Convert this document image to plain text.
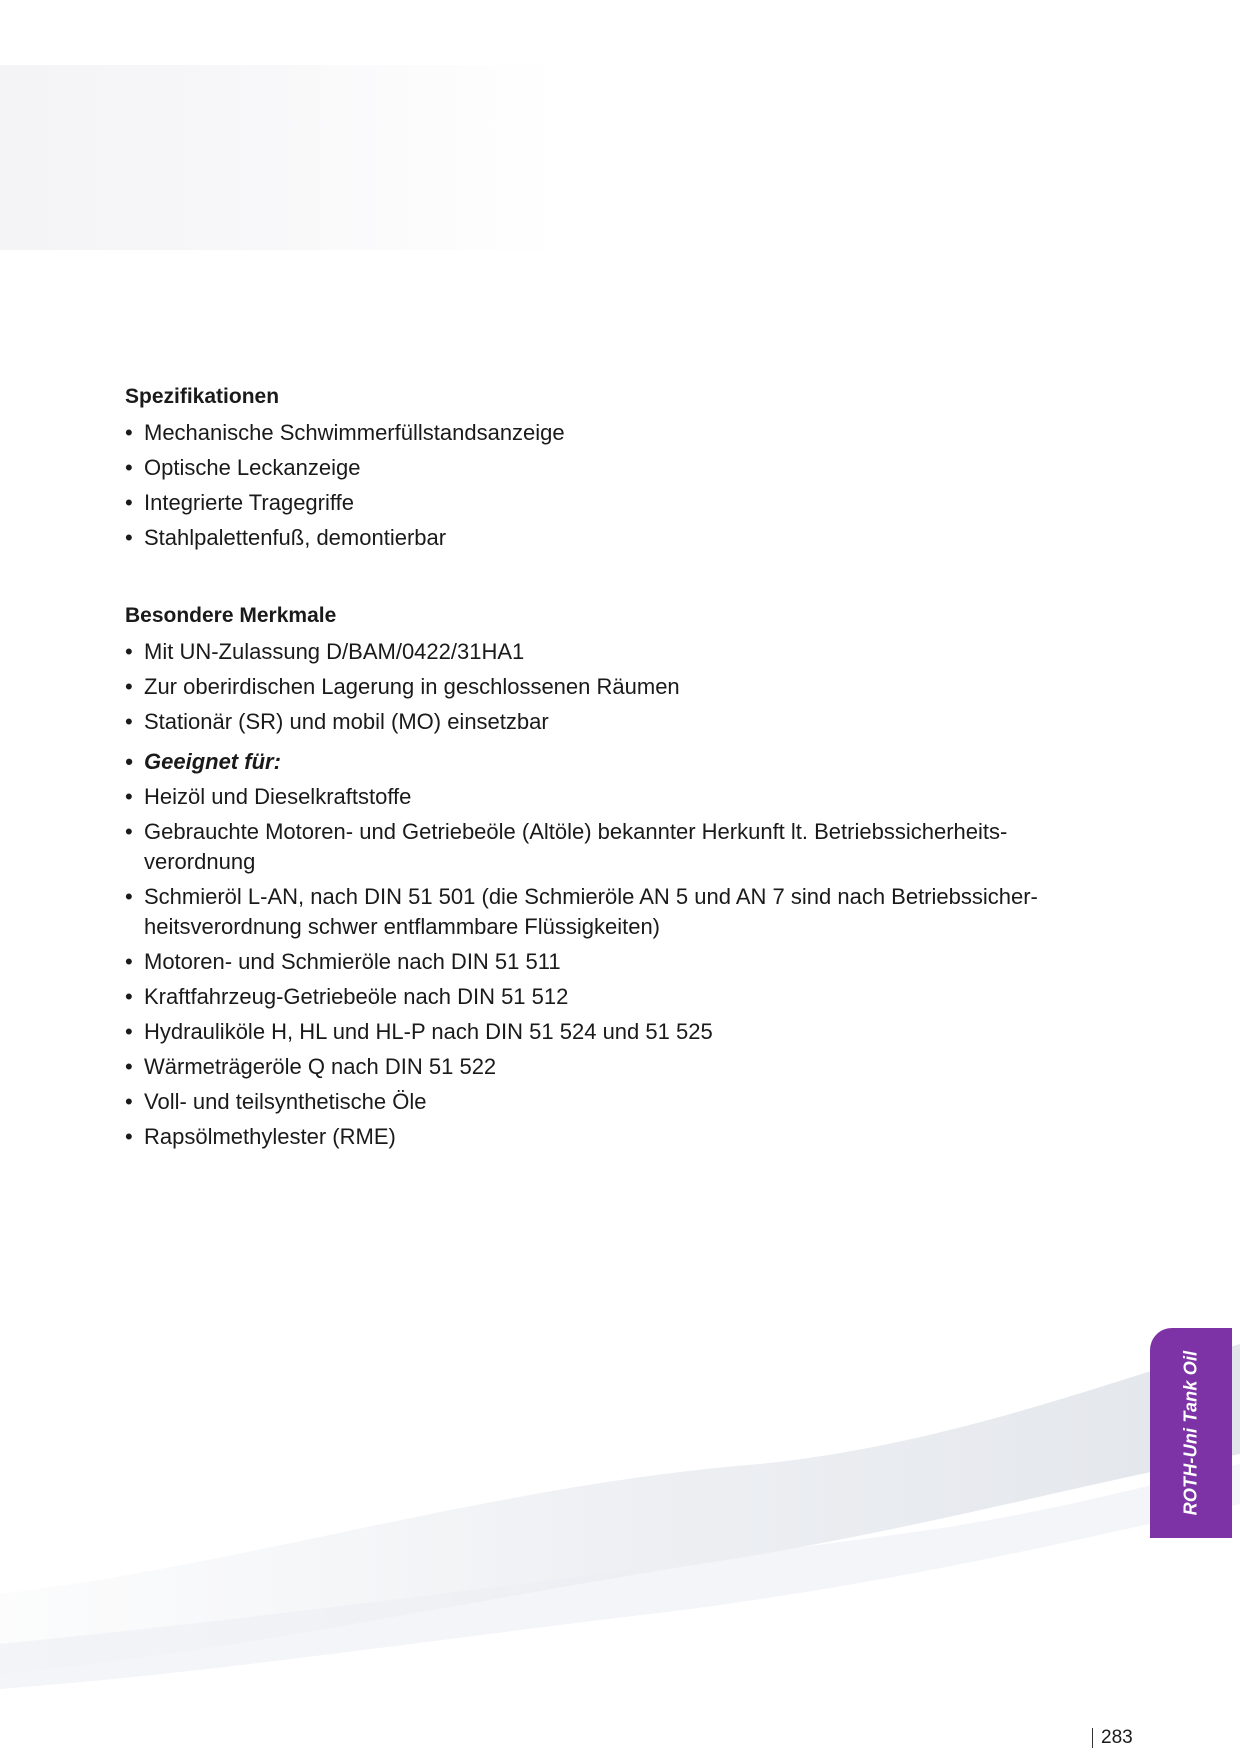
Spezifikationen
• Mechanische Schwimmerfüllstandsanzeige
• Optische Leckanzeige
• Integrierte Tragegriffe
• Stahlpalettenfuß, demontierbar
Besondere Merkmale
• Mit UN-Zulassung D/BAM/0422/31HA1
• Zur oberirdischen Lagerung in geschlossenen Räumen
• Stationär (SR) und mobil (MO) einsetzbar
• Geeignet für:
• Heizöl und Dieselkraftstoffe
• Gebrauchte Motoren- und Getriebeöle (Altöle) bekannter Herkunft lt. Betriebssicherheits-verordnung
• Schmieröl L-AN, nach DIN 51 501 (die Schmieröle AN 5 und AN 7 sind nach Betriebssicher-heitsverordnung schwer entflammbare Flüssigkeiten)
• Motoren- und Schmieröle nach DIN 51 511
• Kraftfahrzeug-Getriebeöle nach DIN 51 512
• Hydrauliköle H, HL und HL-P nach DIN 51 524 und 51 525
• Wärmeträgeröle Q nach DIN 51 522
• Voll- und teilsynthetische Öle
• Rapsölmethylester (RME)
ROTH-Uni Tank Oil
283
